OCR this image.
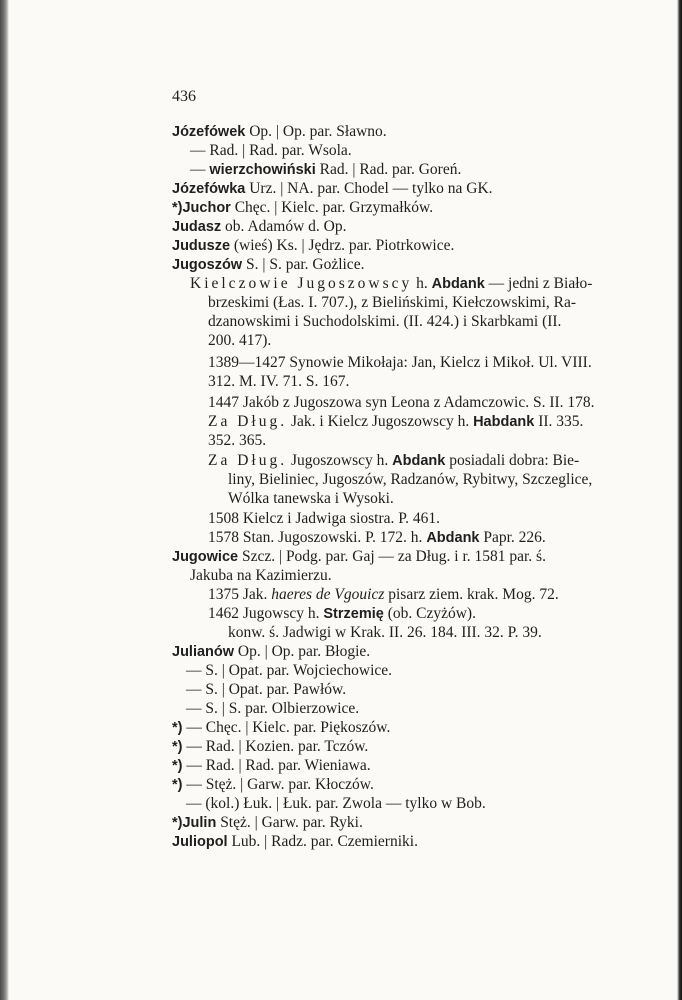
436
Józefówek Op. | Op. par. Sławno.
— Rad. | Rad. par. Wsola.
— wierzchowiński Rad. | Rad. par. Goreń.
Józefówka Urz. | NA. par. Chodel — tylko na GK.
*)Juchor Chęc. | Kielc. par. Grzymałków.
Judasz ob. Adamów d. Op.
Judusze (wieś) Ks. | Jędrz. par. Piotrkowice.
Jugoszów S. | S. par. Gożlice.
Kielczowie Jugoszowscy h. Abdank — jedni z Biało-
brzeskimi (Łas. I. 707.), z Bielińskimi, Kiełczowskimi, Ra-
dzanowskimi i Suchodolskimi. (II. 424.) i Skarbkami (II.
200. 417).
1389—1427 Synowie Mikołaja: Jan, Kielcz i Mikoł. Ul. VIII.
312. M. IV. 71. S. 167.
1447 Jakób z Jugoszowa syn Leona z Adamczowic. S. II. 178.
Za Dług. Jak. i Kielcz Jugoszowscy h. Habdank II. 335.
352. 365.
Za Dług. Jugoszowscy h. Abdank posiadali dobra: Bie-
liny, Bieliniec, Jugoszów, Radzanów, Rybitwy, Szczeglice,
Wólka tanewska i Wysoki.
1508 Kielcz i Jadwiga siostra. P. 461.
1578 Stan. Jugoszowski. P. 172. h. Abdank Papr. 226.
Jugowice Szcz. | Podg. par. Gaj — za Dług. i r. 1581 par. ś.
Jakuba na Kazimierzu.
1375 Jak. haeres de Vgouicz pisarz ziem. krak. Mog. 72.
1462 Jugowscy h. Strzemię (ob. Czyżów).
konw. ś. Jadwigi w Krak. II. 26. 184. III. 32. P. 39.
Julianów Op. | Op. par. Błogie.
— S. | Opat. par. Wojciechowice.
— S. | Opat. par. Pawłów.
— S. | S. par. Olbierzowice.
*) — Chęc. | Kielc. par. Piękoszów.
*) — Rad. | Kozien. par. Tczów.
*) — Rad. | Rad. par. Wieniawa.
*) — Stęż. | Garw. par. Kłoczów.
— (kol.) Łuk. | Łuk. par. Zwola — tylko w Bob.
*)Julin Stęż. | Garw. par. Ryki.
Juliopol Lub. | Radz. par. Czemierniki.
